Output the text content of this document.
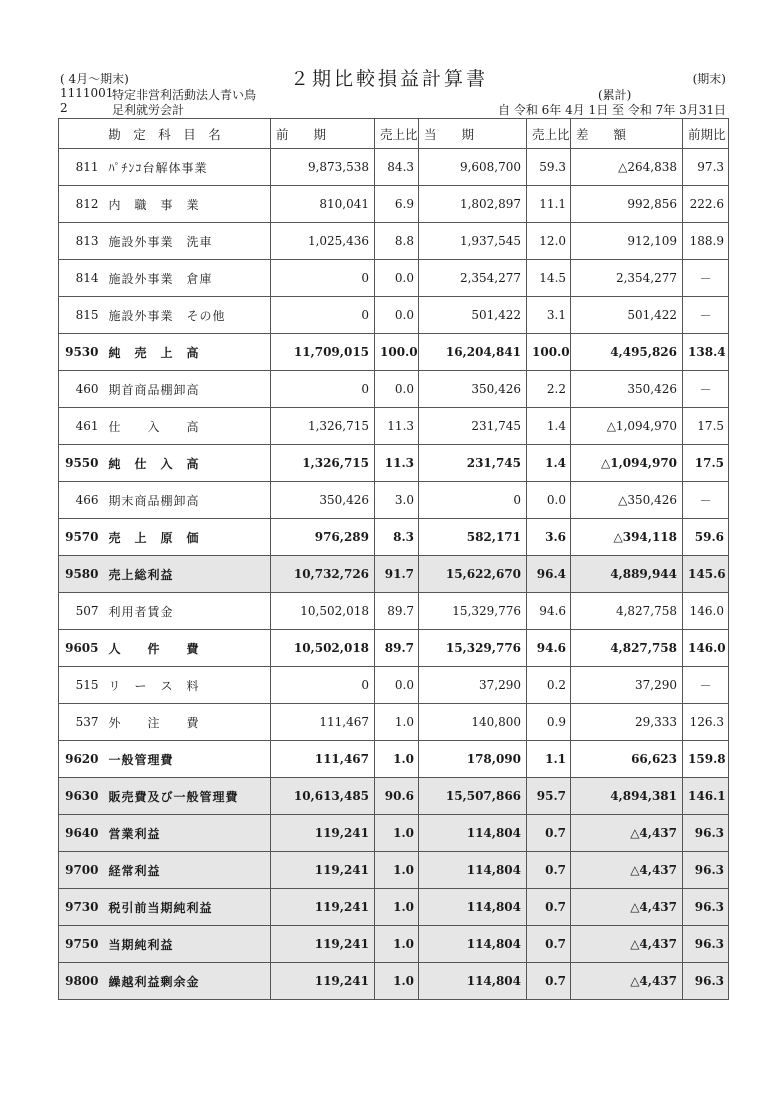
( 4月～期末)	２期比較損益計算書	(期末)
1111001
特定非営利活動法人青い鳥
2	足利就労会計
(累計)
自 令和 6年 4月 1日 至 令和 7年 3月31日
勘　定　科　目　名		前　　期	売上比	当　　期	売上比	差　　額	前期比
811	ﾊﾟﾁﾝｺ台解体事業	9,873,538	84.3	9,608,700	59.3	△264,838	97.3
812	内　職　事　業	810,041	6.9	1,802,897	11.1	992,856	222.6
813	施設外事業　洗車	1,025,436	8.8	1,937,545	12.0	912,109	188.9
814	施設外事業　倉庫	0	0.0	2,354,277	14.5	2,354,277	－
815	施設外事業　その他	0	0.0	501,422	3.1	501,422	－
9530	純　売　上　高	11,709,015	100.0	16,204,841	100.0	4,495,826	138.4
460	期首商品棚卸高	0	0.0	350,426	2.2	350,426	－
461	仕　　入　　高	1,326,715	11.3	231,745	1.4	△1,094,970	17.5
9550	純　仕　入　高	1,326,715	11.3	231,745	1.4	△1,094,970	17.5
466	期末商品棚卸高	350,426	3.0	0	0.0	△350,426	－
9570	売　上　原　価	976,289	8.3	582,171	3.6	△394,118	59.6
9580	売上総利益	10,732,726	91.7	15,622,670	96.4	4,889,944	145.6
507	利用者賃金	10,502,018	89.7	15,329,776	94.6	4,827,758	146.0
9605	人　　件　　費	10,502,018	89.7	15,329,776	94.6	4,827,758	146.0
515	リ　ー　ス　料	0	0.0	37,290	0.2	37,290	－
537	外　　注　　費	111,467	1.0	140,800	0.9	29,333	126.3
9620	一般管理費	111,467	1.0	178,090	1.1	66,623	159.8
9630	販売費及び一般管理費	10,613,485	90.6	15,507,866	95.7	4,894,381	146.1
9640	営業利益	119,241	1.0	114,804	0.7	△4,437	96.3
9700	経常利益	119,241	1.0	114,804	0.7	△4,437	96.3
9730	税引前当期純利益	119,241	1.0	114,804	0.7	△4,437	96.3
9750	当期純利益	119,241	1.0	114,804	0.7	△4,437	96.3
9800	繰越利益剰余金	119,241	1.0	114,804	0.7	△4,437	96.3
